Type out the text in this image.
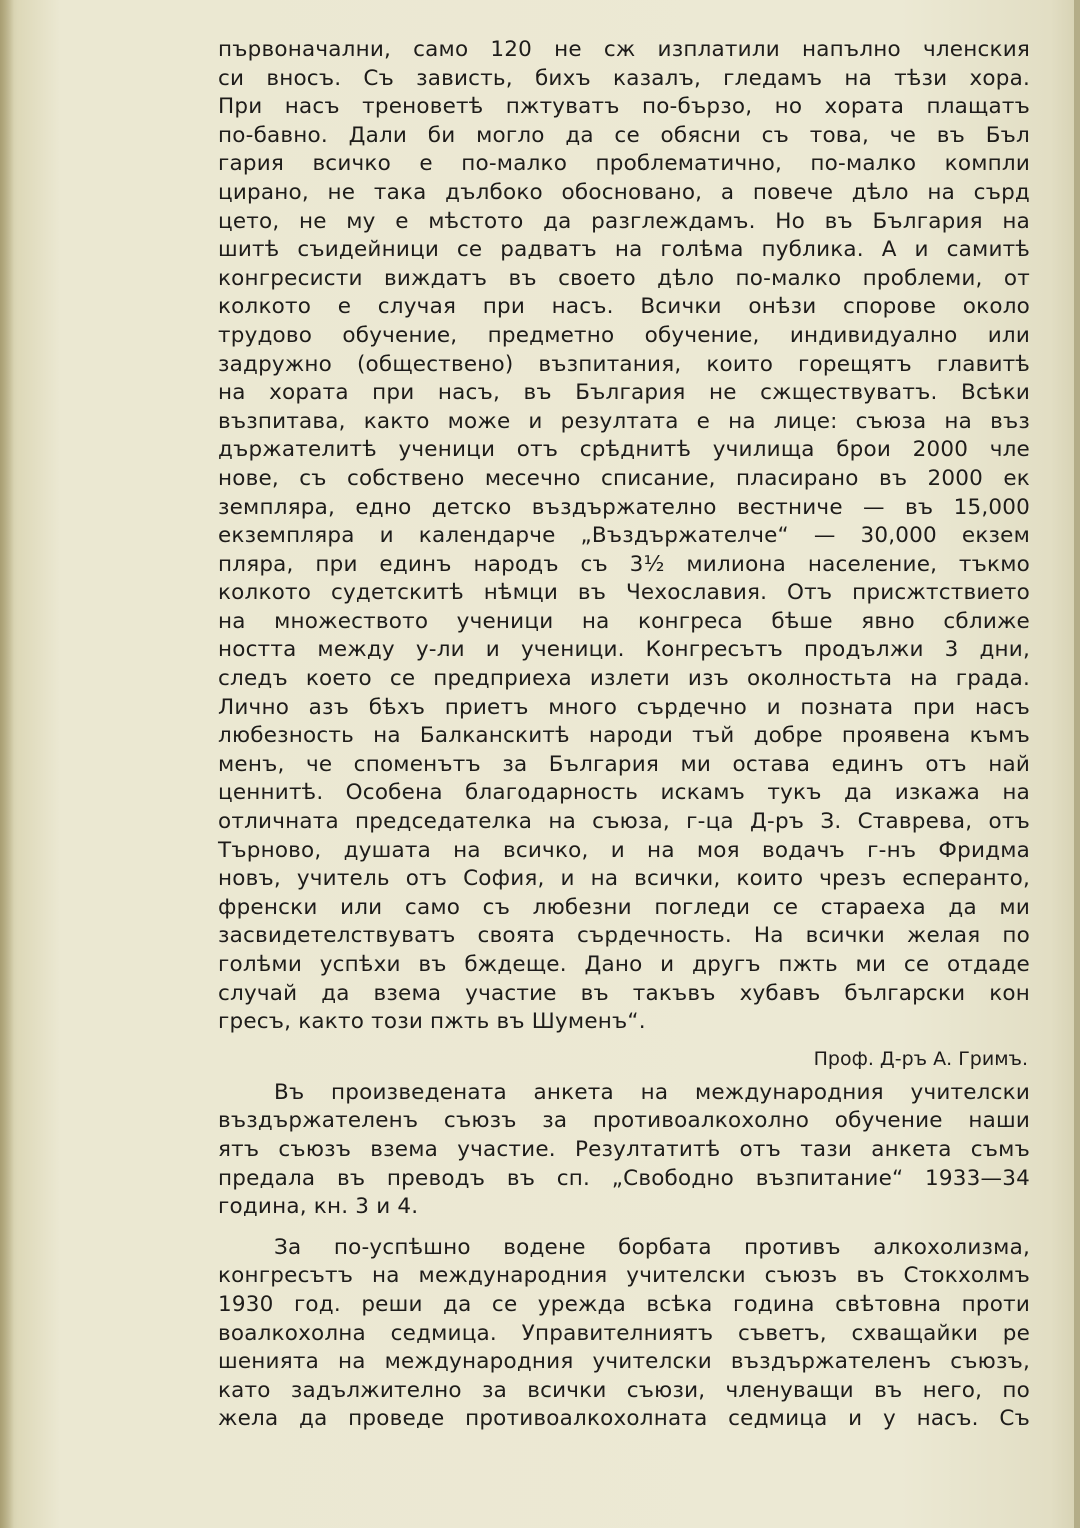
първоначални, само 120 не сж изплатили напълно членския
си вносъ. Съ зависть, бихъ казалъ, гледамъ на тѣзи хора.
При насъ треноветѣ пжтуватъ по-бързо, но хората плащатъ
по-бавно. Дали би могло да се обясни съ това, че въ Бъл
гария всичко е по-малко проблематично, по-малко компли
цирано, не така дълбоко обосновано, а повече дѣло на сърд
цето, не му е мѣстото да разглеждамъ. Но въ България на
шитѣ съидейници се радватъ на голѣма публика. А и самитѣ
конгресисти виждатъ въ своето дѣло по-малко проблеми, от
колкото е случая при насъ. Всички онѣзи спорове около
трудово обучение, предметно обучение, индивидуално или
задружно (обществено) възпитания, които горещятъ главитѣ
на хората при насъ, въ България не сжществуватъ. Всѣки
възпитава, както може и резултата е на лице: съюза на въз
държателитѣ ученици отъ срѣднитѣ училища брои 2000 чле
нове, съ собствено месечно списание, пласирано въ 2000 ек
земпляра, едно детско въздържателно вестниче — въ 15,000
екземпляра и календарче „Въздържателче“ — 30,000 екзем
пляра, при единъ народъ съ 3½ милиона население, тъкмо
колкото судетскитѣ нѣмци въ Чехославия. Отъ присжтствието
на множеството ученици на конгреса бѣше явно сближе
ността между у-ли и ученици. Конгресътъ продължи 3 дни,
следъ което се предприеха излети изъ околностьта на града.
Лично азъ бѣхъ приетъ много сърдечно и позната при насъ
любезность на Балканскитѣ народи тъй добре проявена къмъ
менъ, че споменътъ за България ми остава единъ отъ най
ценнитѣ. Особена благодарность искамъ тукъ да изкажа на
отличната председателка на съюза, г-ца Д-ръ З. Ставрева, отъ
Търново, душата на всичко, и на моя водачъ г-нъ Фридма
новъ, учитель отъ София, и на всички, които чрезъ есперанто,
френски или само съ любезни погледи се стараеха да ми
засвидетелствуватъ своята сърдечность. На всички желая по
голѣми успѣхи въ бждеще. Дано и другъ пжть ми се отдаде
случай да взема участие въ такъвъ хубавъ български кон
гресъ, както този пжть въ Шуменъ“.
Проф. Д-ръ А. Гримъ.
Въ произведената анкета на международния учителски
въздържателенъ съюзъ за противоалкохолно обучение наши
ятъ съюзъ взема участие. Резултатитѣ отъ тази анкета съмъ
предала въ преводъ въ сп. „Свободно възпитание“ 1933—34
година, кн. 3 и 4.
За по-успѣшно водене борбата противъ алкохолизма,
конгресътъ на международния учителски съюзъ въ Стокхолмъ
1930 год. реши да се урежда всѣка година свѣтовна проти
воалкохолна седмица. Управителниятъ съветъ, схващайки ре
шенията на международния учителски въздържателенъ съюзъ,
като задължително за всички съюзи, членуващи въ него, по
жела да проведе противоалкохолната седмица и у насъ. Съ
